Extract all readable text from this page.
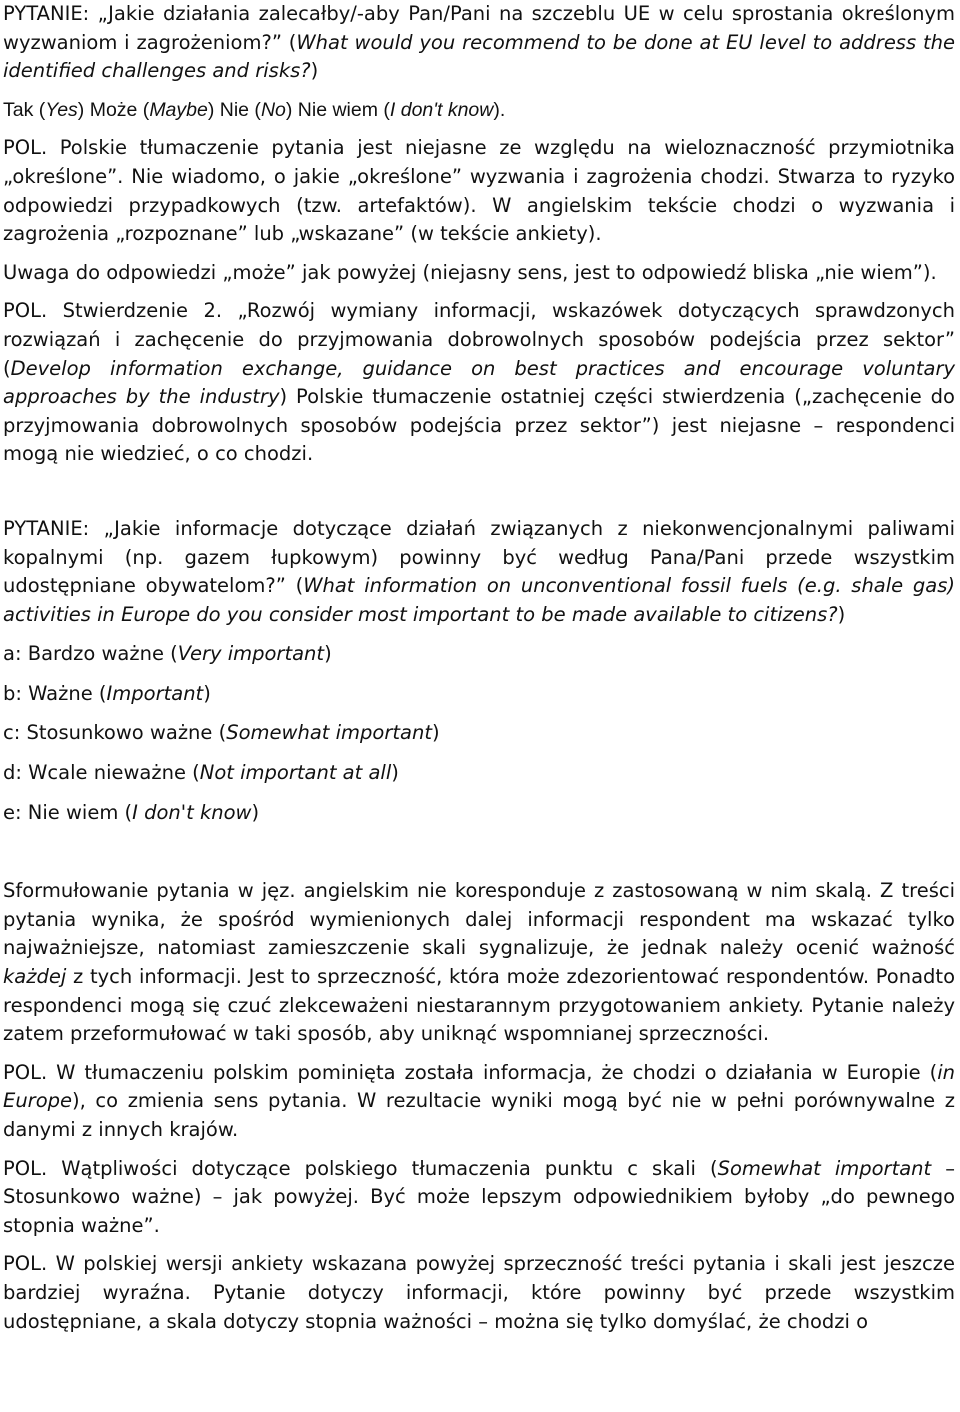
PYTANIE: „Jakie działania zalecałby/-aby Pan/Pani na szczeblu UE w celu sprostania określonym wyzwaniom i zagrożeniom?” (What would you recommend to be done at EU level to address the identified challenges and risks?)

Tak (Yes) Może (Maybe) Nie (No) Nie wiem (I don't know).

POL. Polskie tłumaczenie pytania jest niejasne ze względu na wieloznaczność przymiotnika „określone”. Nie wiadomo, o jakie „określone” wyzwania i zagrożenia chodzi. Stwarza to ryzyko odpowiedzi przypadkowych (tzw. artefaktów). W angielskim tekście chodzi o wyzwania i zagrożenia „rozpoznane” lub „wskazane” (w tekście ankiety).

Uwaga do odpowiedzi „może” jak powyżej (niejasny sens, jest to odpowiedź bliska „nie wiem”).

POL. Stwierdzenie 2. „Rozwój wymiany informacji, wskazówek dotyczących sprawdzonych rozwiązań i zachęcenie do przyjmowania dobrowolnych sposobów podejścia przez sektor” (Develop information exchange, guidance on best practices and encourage voluntary approaches by the industry) Polskie tłumaczenie ostatniej części stwierdzenia („zachęcenie do przyjmowania dobrowolnych sposobów podejścia przez sektor”) jest niejasne – respondenci mogą nie wiedzieć, o co chodzi.

PYTANIE: „Jakie informacje dotyczące działań związanych z niekonwencjonalnymi paliwami kopalnymi (np. gazem łupkowym) powinny być według Pana/Pani przede wszystkim udostępniane obywatelom?” (What information on unconventional fossil fuels (e.g. shale gas) activities in Europe do you consider most important to be made available to citizens?)

a: Bardzo ważne (Very important)

b: Ważne (Important)

c: Stosunkowo ważne (Somewhat important)

d: Wcale nieważne (Not important at all)

e: Nie wiem (I don't know)

Sformułowanie pytania w jęz. angielskim nie koresponduje z zastosowaną w nim skalą. Z treści pytania wynika, że spośród wymienionych dalej informacji respondent ma wskazać tylko najważniejsze, natomiast zamieszczenie skali sygnalizuje, że jednak należy ocenić ważność każdej z tych informacji. Jest to sprzeczność, która może zdezorientować respondentów. Ponadto respondenci mogą się czuć zlekceważeni niestarannym przygotowaniem ankiety. Pytanie należy zatem przeformułować w taki sposób, aby uniknąć wspomnianej sprzeczności.

POL. W tłumaczeniu polskim pominięta została informacja, że chodzi o działania w Europie (in Europe), co zmienia sens pytania. W rezultacie wyniki mogą być nie w pełni porównywalne z danymi z innych krajów.

POL. Wątpliwości dotyczące polskiego tłumaczenia punktu c skali (Somewhat important – Stosunkowo ważne) – jak powyżej. Być może lepszym odpowiednikiem byłoby „do pewnego stopnia ważne”.

POL. W polskiej wersji ankiety wskazana powyżej sprzeczność treści pytania i skali jest jeszcze bardziej wyraźna. Pytanie dotyczy informacji, które powinny być przede wszystkim udostępniane, a skala dotyczy stopnia ważności – można się tylko domyślać, że chodzi o
